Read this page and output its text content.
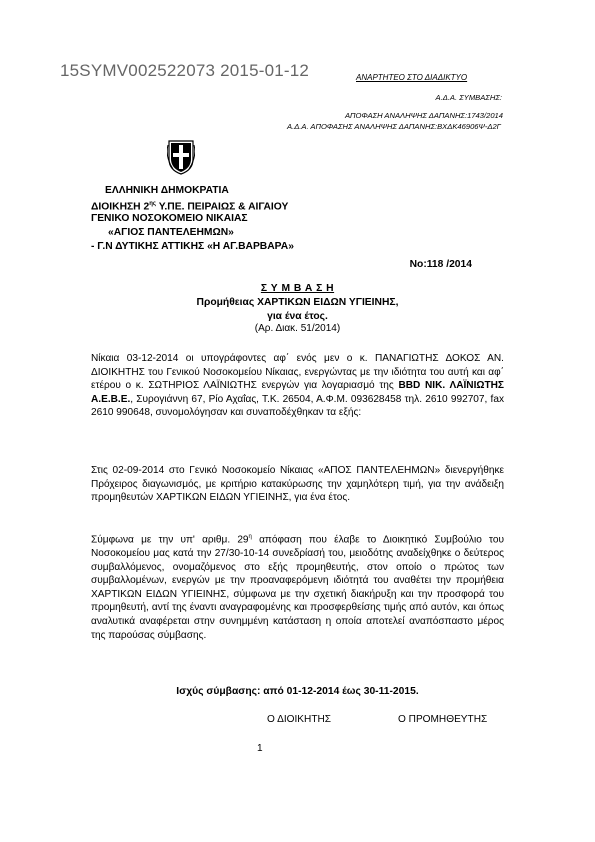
15SYMV002522073 2015-01-12	ΑΝΑΡΤΗΤΕΟ ΣΤΟ ΔΙΑΔΙΚΤΥΟ
Α.Δ.Α. ΣΥΜΒΑΣΗΣ:
ΑΠΟΦΑΣΗ ΑΝΑΛΗΨΗΣ ΔΑΠΑΝΗΣ:1743/2014
Α.Δ.Α. ΑΠΟΦΑΣΗΣ ΑΝΑΛΗΨΗΣ ΔΑΠΑΝΗΣ:ΒΧΔΚ46906Ψ-Δ2Γ
ΕΛΛΗΝΙΚΗ ΔΗΜΟΚΡΑΤΙΑ
ΔΙΟΙΚΗΣΗ $2^{\eta\varsigma}$ Υ.ΠΕ. ΠΕΙΡΑΙΩΣ & ΑΙΓΑΙΟΥ
ΓΕΝΙΚΟ ΝΟΣΟΚΟΜΕΙΟ ΝΙΚΑΙΑΣ
«ΑΓΙΟΣ ΠΑΝΤΕΛΕΗΜΩΝ»
- Γ.Ν ΔΥΤΙΚΗΣ ΑΤΤΙΚΗΣ «Η ΑΓ.ΒΑΡΒΑΡΑ»
Νο:118 /2014
Σ Υ Μ Β Α Σ Η
Προμήθειας ΧΑΡΤΙΚΩΝ ΕΙΔΩΝ ΥΓΙΕΙΝΗΣ,
για ένα έτος.
(Αρ. Διακ. 51/2014)

Νίκαια 03-12-2014 οι υπογράφοντες αφ΄ ενός μεν ο κ. ΠΑΝΑΓΙΩΤΗΣ ΔΟΚΟΣ ΑΝ. ΔΙΟΙΚΗΤΗΣ του Γενικού Νοσοκομείου Νίκαιας, ενεργώντας με την ιδιότητα του αυτή και αφ΄ ετέρου ο κ. ΣΩΤΗΡΙΟΣ ΛΑΪΝΙΩΤΗΣ ενεργών για λογαριασμό της BBD ΝΙΚ. ΛΑΪΝΙΩΤΗΣ Α.Ε.Β.Ε., Συρογιάννη 67, Ρίο Αχαΐας, Τ.Κ. 26504, Α.Φ.Μ. 093628458 τηλ. 2610 992707, fax 2610 990648, συνομολόγησαν και συναποδέχθηκαν τα εξής:

Στις 02-09-2014 στο Γενικό Νοσοκομείο Νίκαιας «ΑΠΟΣ ΠΑΝΤΕΛΕΗΜΩΝ» διενεργήθηκε Πρόχειρος διαγωνισμός, με κριτήριο κατακύρωσης την χαμηλότερη τιμή, για την ανάδειξη προμηθευτών ΧΑΡΤΙΚΩΝ ΕΙΔΩΝ ΥΓΙΕΙΝΗΣ, για ένα έτος.

Σύμφωνα με την υπ' αριθμ. $29^\eta$ απόφαση που έλαβε το Διοικητικό Συμβούλιο του Νοσοκομείου μας κατά την 27/30-10-14 συνεδρίασή του, μειοδότης αναδείχθηκε ο δεύτερος συμβαλλόμενος, ονομαζόμενος στο εξής προμηθευτής, στον οποίο ο πρώτος των συμβαλλομένων, ενεργών με την προαναφερόμενη ιδιότητά του αναθέτει την προμήθεια ΧΑΡΤΙΚΩΝ ΕΙΔΩΝ ΥΓΙΕΙΝΗΣ, σύμφωνα με την σχετική διακήρυξη και την προσφορά του προμηθευτή, αντί της έναντι αναγραφομένης και προσφερθείσης τιμής από αυτόν, και όπως αναλυτικά αναφέρεται στην συνημμένη κατάσταση η οποία αποτελεί αναπόσπαστο μέρος της παρούσας σύμβασης.

Ισχύς σύμβασης: από 01-12-2014 έως 30-11-2015.
Ο ΔΙΟΙΚΗΤΗΣ	Ο ΠΡΟΜΗΘΕΥΤΗΣ
1
